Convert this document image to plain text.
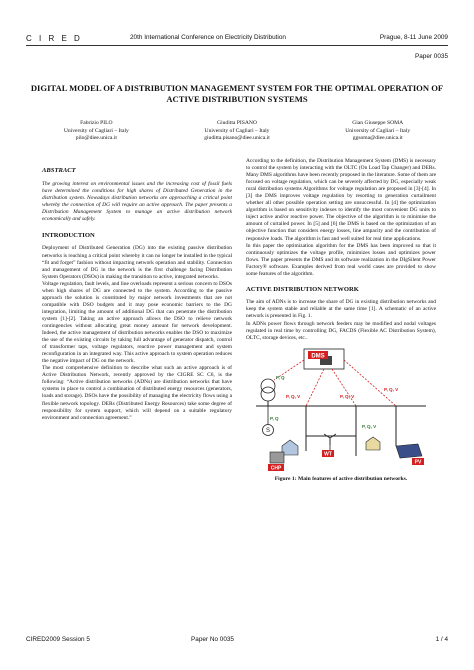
C I R E D	20th International Conference on Electricity Distribution	Prague, 8-11 June 2009
Paper 0035
DIGITAL MODEL OF A DISTRIBUTION MANAGEMENT SYSTEM FOR THE OPTIMAL OPERATION OF ACTIVE DISTRIBUTION SYSTEMS
Fabrizio PILO
University of Cagliari – Italy
pilo@diee.unica.it
Giuditta PISANO
University of Cagliari – Italy
giuditta.pisano@diee.unica.it
Gian Giuseppe SOMA
University of Cagliari – Italy
ggsoma@diee.unica.it
ABSTRACT

The growing interest on environmental issues and the increasing cost of fossil fuels have determined the conditions for high shares of Distributed Generation in the distribution system. Nowadays distribution networks are approaching a critical point whereby the connection of DG will require an active approach. The paper presents a Distribution Management System to manage an active distribution network economically and safely.

INTRODUCTION

Deployment of Distributed Generation (DG) into the existing passive distribution networks is reaching a critical point whereby it can no longer be installed in the typical “fit and forget” fashion without impacting network operation and stability. Connection and management of DG in the network is the first challenge facing Distribution System Operators (DSOs) in making the transition to active, integrated networks.

Voltage regulation, fault levels, and line overloads represent a serious concern to DSOs when high shares of DG are connected to the system. According to the passive approach the solution is constituted by major network investments that are not compatible with DSO budgets and it may pose economic barriers to the DG integration, limiting the amount of additional DG that can penetrate the distribution system [1]-[2]. Taking an active approach allows the DSO to relieve network contingencies without allocating great money amount for network development. Indeed, the active management of distribution networks enables the DSO to maximize the use of the existing circuits by taking full advantage of generator dispatch, control of transformer taps, voltage regulators, reactive power management and system reconfiguration in an integrated way. This active approach to system operation reduces the negative impact of DG on the network.

The most comprehensive definition to describe what such an active approach is of Active Distribution Network, recently approved by the CIGRE SC C6, is the following: “Active distribution networks (ADNs) are distribution networks that have systems in place to control a combination of distributed energy resources (generators, loads and storage). DSOs have the possibility of managing the electricity flows using a flexible network topology. DERs (Distributed Energy Resources) take some degree of responsibility for system support, which will depend on a suitable regulatory environment and connection agreement.”

According to the definition, the Distribution Management System (DMS) is necessary to control the system by interacting with the OLTC (On Load Tap Changer) and DERs. Many DMS algorithms have been recently proposed in the literature. Some of them are focused on voltage regulation, which can be severely affected by DG, especially weak rural distribution systems Algorithms for voltage regulation are proposed in [3]-[4]. In [3] the DMS improves voltage regulation by resorting to generation curtailment whether all other possible operation setting are unsuccessful. In [4] the optimization algorithm is based on sensitivity indexes to identify the most convenient DG units to inject active and/or reactive power. The objective of the algorithm is to minimise the amount of curtailed power. In [5] and [6] the DMS is based on the optimization of an objective function that considers energy losses, line ampacity and the contribution of responsive loads. The algorithm is fast and well suited for real time applications.

In this paper the optimization algorithm for the DMS has been improved so that it continuously optimizes the voltage profile, minimizes losses and optimizes power flows. The paper presents the DMS and its software realization in the DIgSilent Power Factory® software. Examples derived from real world cases are provided to show some features of the algorithm.

ACTIVE DISTRIBUTION NETWORK

The aim of ADNs is to increase the share of DG in existing distribution networks and keep the system stable and reliable at the same time [1]. A schematic of an active network is presented in Fig. 1.

In ADNs power flows through network feeders may be modified and nodal voltages regulated in real time by controlling DG, FACDS (Flexible AC Distribution System), OLTC, storage devices, etc..

DMS
P, Q
P, Q, V	P, Q, V
P, Q, V
P, Q
P, Q, V
S
WT
CHP
PV
Figure 1: Main features of active distribution networks.
CIRED2009 Session 5	Paper No 0035	1 / 4
